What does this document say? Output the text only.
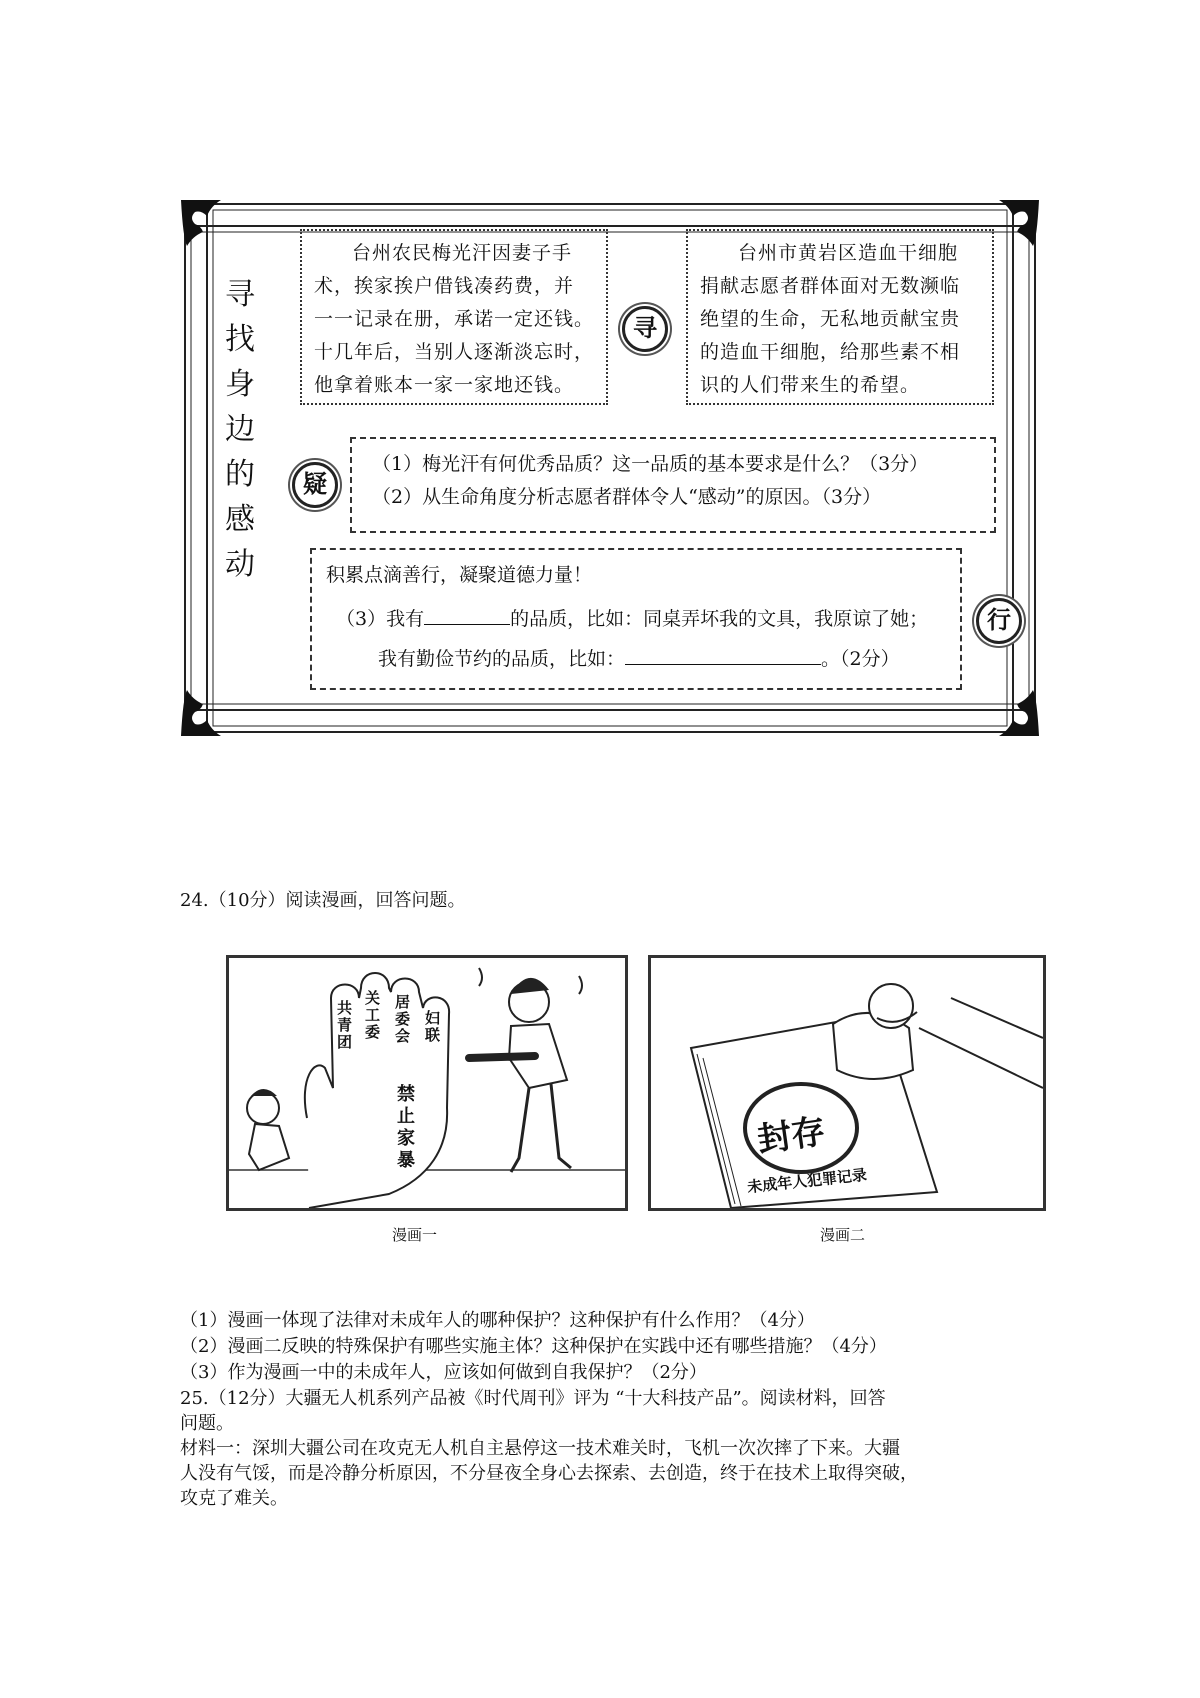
寻找身边的感动
台州农民梅光汗因妻子手
术，挨家挨户借钱凑药费，并
一一记录在册，承诺一定还钱。
十几年后，当别人逐渐淡忘时，
他拿着账本一家一家地还钱。
寻
台州市黄岩区造血干细胞
捐献志愿者群体面对无数濒临
绝望的生命，无私地贡献宝贵
的造血干细胞，给那些素不相
识的人们带来生的希望。
疑
（1）梅光汗有何优秀品质？这一品质的基本要求是什么？（3分）
（2）从生命角度分析志愿者群体令人“感动”的原因。（3分）
积累点滴善行，凝聚道德力量！
（3）我有	的品质，比如：同桌弄坏我的文具，我原谅了她；
我有勤俭节约的品质，比如：	。（2分）
行
24.（10分）阅读漫画，回答问题。
共青团
关工委
居委会
妇联
禁止家暴
漫画一
封存
未成年人犯罪记录
漫画二
（1）漫画一体现了法律对未成年人的哪种保护？这种保护有什么作用？（4分）
（2）漫画二反映的特殊保护有哪些实施主体？这种保护在实践中还有哪些措施？（4分）
（3）作为漫画一中的未成年人，应该如何做到自我保护？（2分）
25.（12分）大疆无人机系列产品被《时代周刊》评为 “十大科技产品”。阅读材料，回答
问题。
材料一：深圳大疆公司在攻克无人机自主悬停这一技术难关时，飞机一次次摔了下来。大疆
人没有气馁，而是冷静分析原因，不分昼夜全身心去探索、去创造，终于在技术上取得突破，
攻克了难关。
